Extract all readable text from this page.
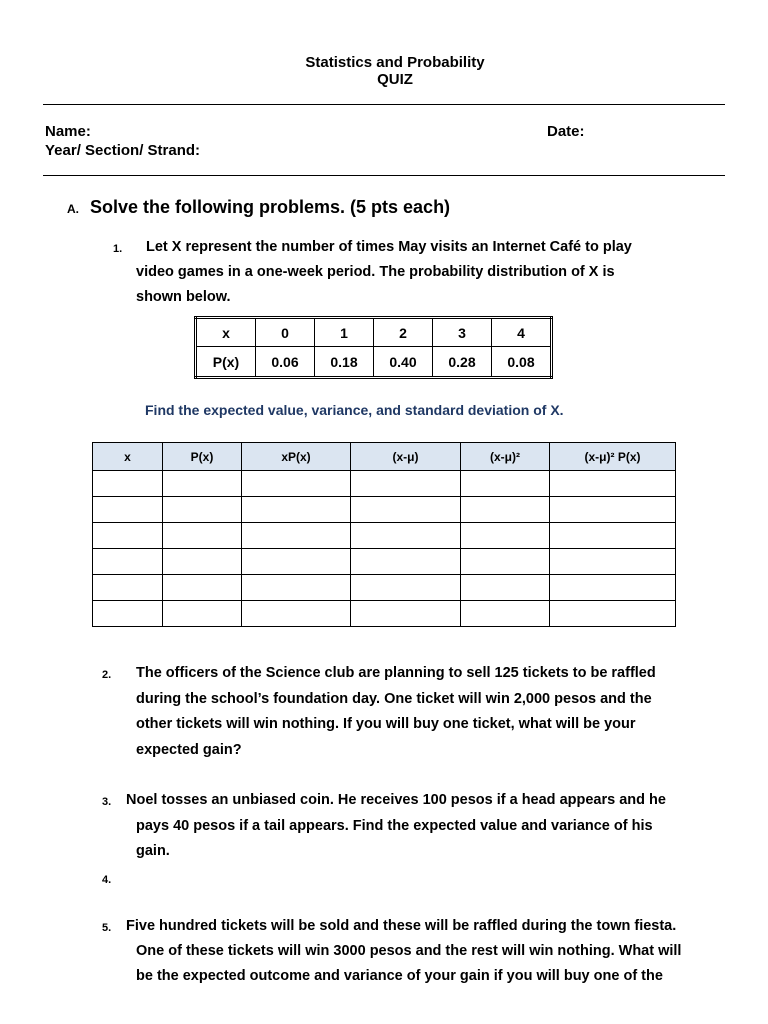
Statistics and Probability
QUIZ
Name:	Date:
Year/ Section/ Strand:
A. Solve the following problems. (5 pts each)
1. Let X represent the number of times May visits an Internet Café to play
video games in a one-week period. The probability distribution of X is
shown below.
x	0	1	2	3	4
P(x)	0.06	0.18	0.40	0.28	0.08
Find the expected value, variance, and standard deviation of X.
x	P(x)	xP(x)	(x-μ)	(x-μ)²	(x-μ)² P(x)

2. The officers of the Science club are planning to sell 125 tickets to be raffled
during the school’s foundation day. One ticket will win 2,000 pesos and the
other tickets will win nothing. If you will buy one ticket, what will be your
expected gain?
3. Noel tosses an unbiased coin. He receives 100 pesos if a head appears and he
pays 40 pesos if a tail appears. Find the expected value and variance of his
gain.
4.
5. Five hundred tickets will be sold and these will be raffled during the town fiesta.
One of these tickets will win 3000 pesos and the rest will win nothing. What will
be the expected outcome and variance of your gain if you will buy one of the
